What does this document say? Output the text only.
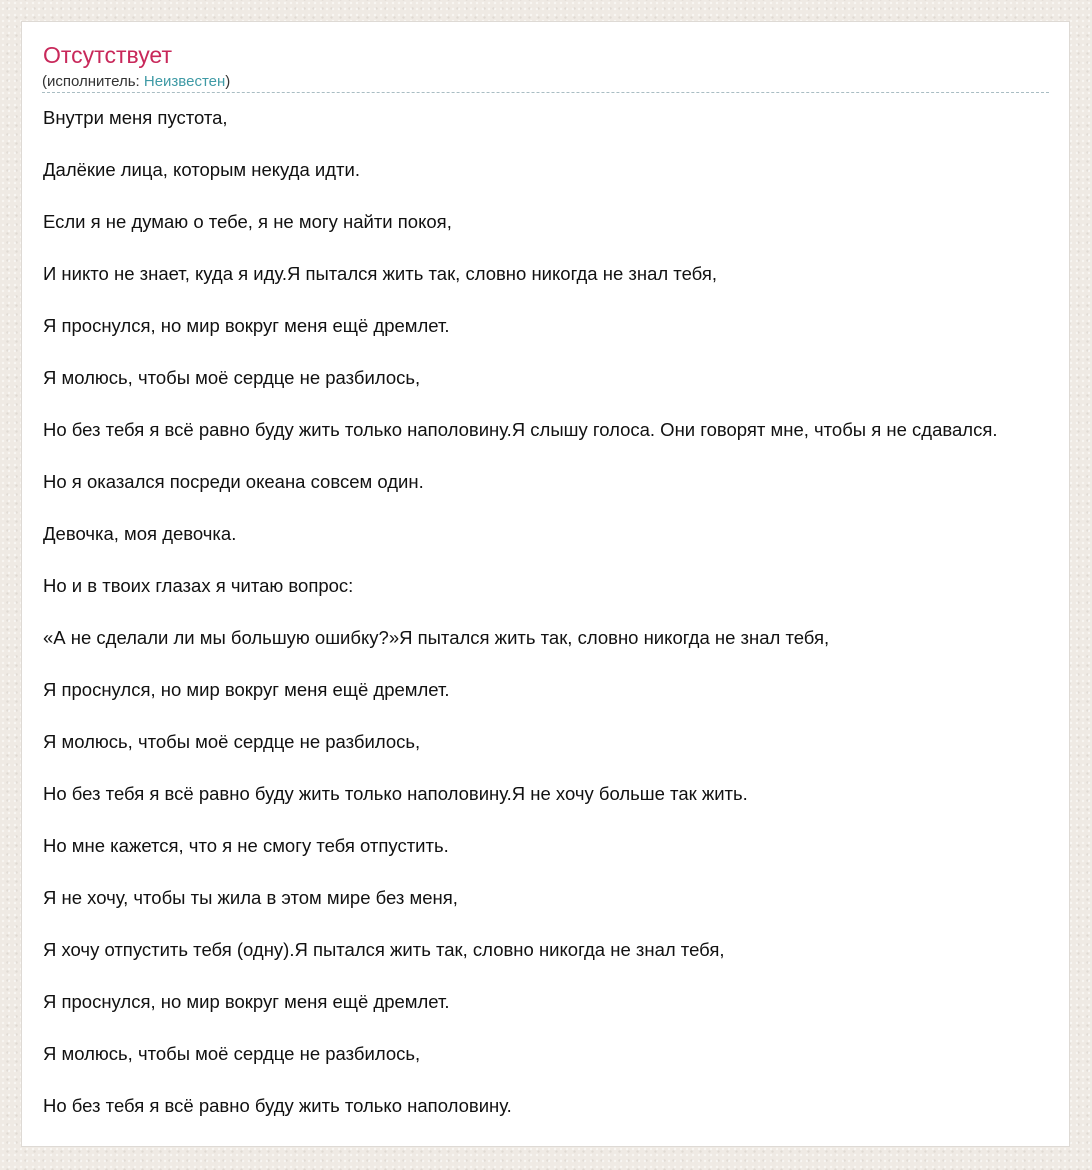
Отсутствует
(исполнитель: Неизвестен)
Внутри меня пустота,
Далёкие лица, которым некуда идти.
Если я не думаю о тебе, я не могу найти покоя,
И никто не знает, куда я иду.Я пытался жить так, словно никогда не знал тебя,
Я проснулся, но мир вокруг меня ещё дремлет.
Я молюсь, чтобы моё сердце не разбилось,
Но без тебя я всё равно буду жить только наполовину.Я слышу голоса. Они говорят мне, чтобы я не сдавался.
Но я оказался посреди океана совсем один.
Девочка, моя девочка.
Но и в твоих глазах я читаю вопрос:
«А не сделали ли мы большую ошибку?»Я пытался жить так, словно никогда не знал тебя,
Я проснулся, но мир вокруг меня ещё дремлет.
Я молюсь, чтобы моё сердце не разбилось,
Но без тебя я всё равно буду жить только наполовину.Я не хочу больше так жить.
Но мне кажется, что я не смогу тебя отпустить.
Я не хочу, чтобы ты жила в этом мире без меня,
Я хочу отпустить тебя (одну).Я пытался жить так, словно никогда не знал тебя,
Я проснулся, но мир вокруг меня ещё дремлет.
Я молюсь, чтобы моё сердце не разбилось,
Но без тебя я всё равно буду жить только наполовину.
